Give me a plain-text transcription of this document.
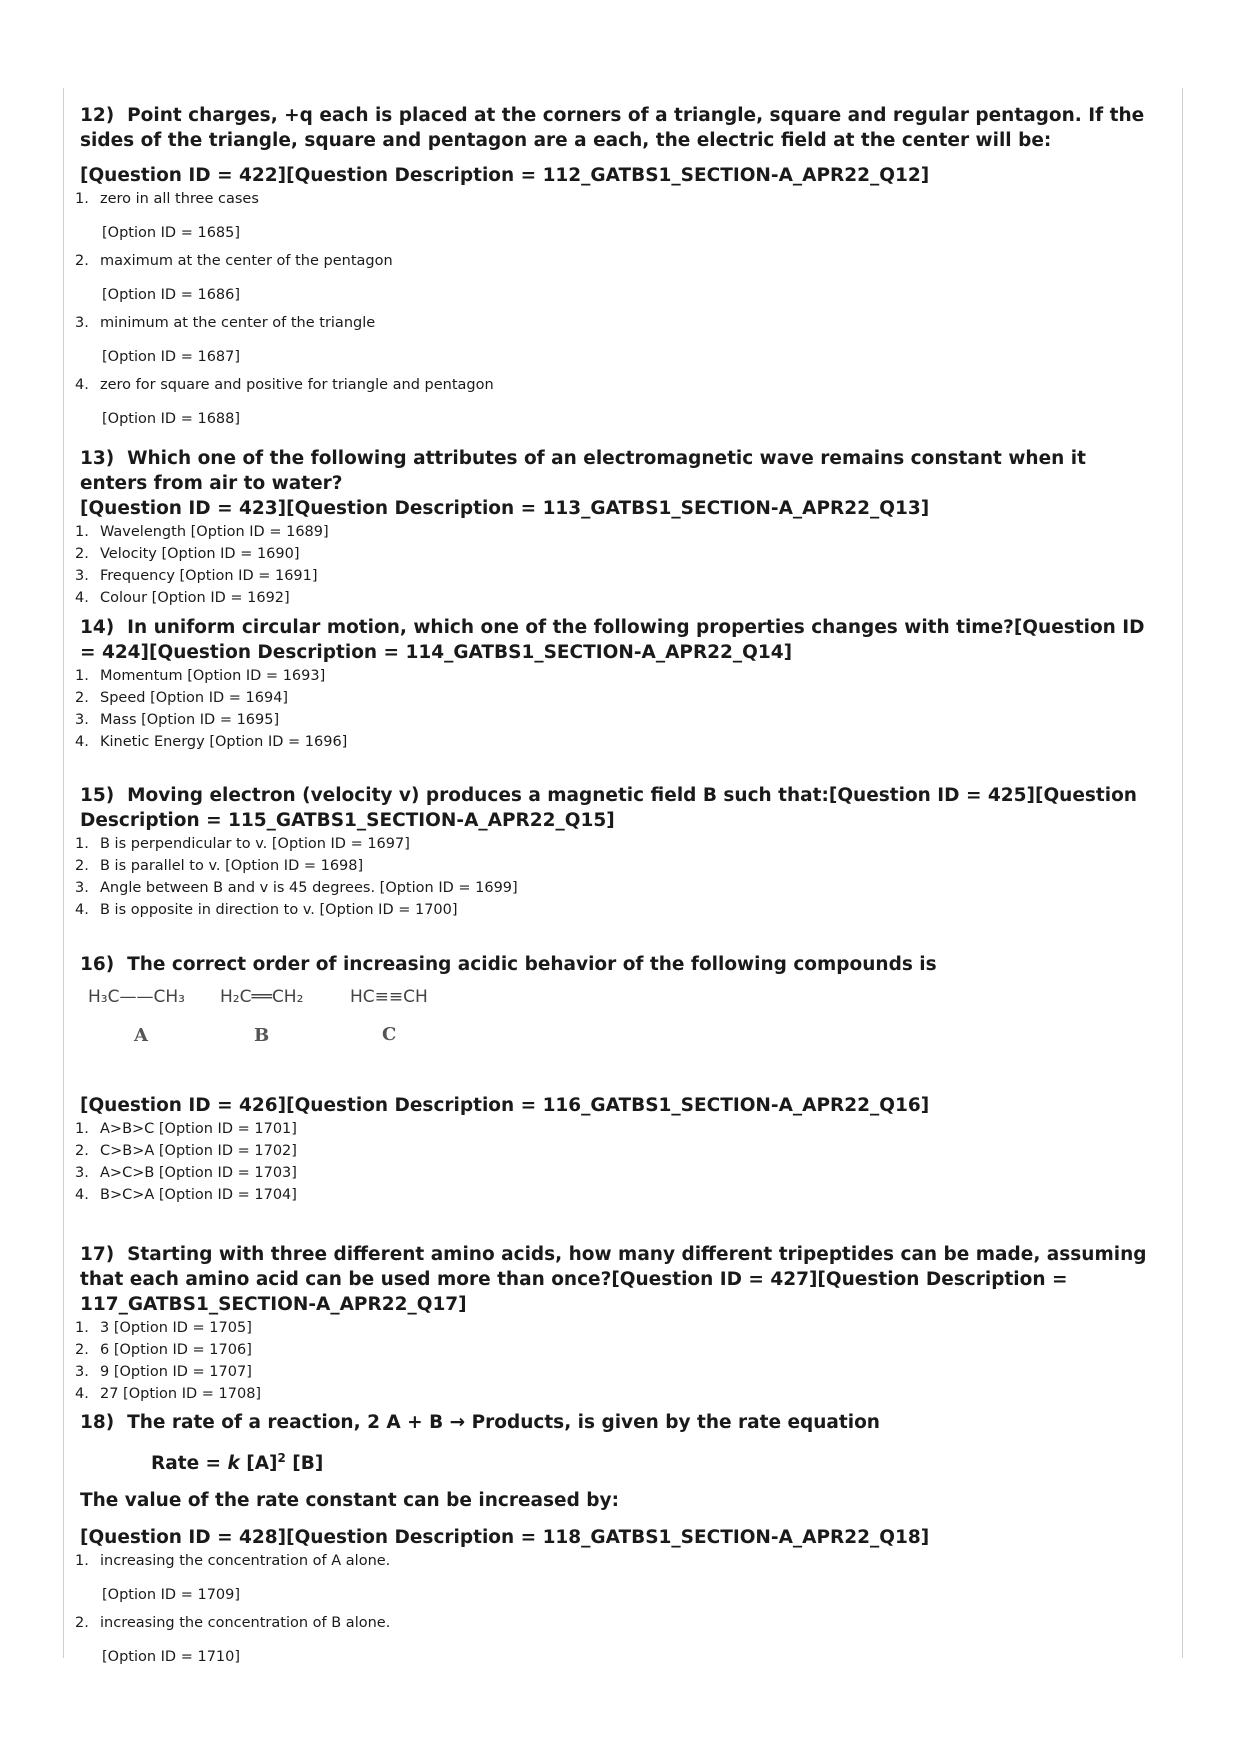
12)  Point charges, +q each is placed at the corners of a triangle, square and regular pentagon. If the sides of the triangle, square and pentagon are a each, the electric field at the center will be:

[Question ID = 422][Question Description = 112_GATBS1_SECTION-A_APR22_Q12]

1. zero in all three cases
[Option ID = 1685]
2. maximum at the center of the pentagon
[Option ID = 1686]
3. minimum at the center of the triangle
[Option ID = 1687]
4. zero for square and positive for triangle and pentagon
[Option ID = 1688]

13)  Which one of the following attributes of an electromagnetic wave remains constant when it enters from air to water?

[Question ID = 423][Question Description = 113_GATBS1_SECTION-A_APR22_Q13]

1. Wavelength [Option ID = 1689]
2. Velocity [Option ID = 1690]
3. Frequency [Option ID = 1691]
4. Colour [Option ID = 1692]

14)  In uniform circular motion, which one of the following properties changes with time?[Question ID = 424][Question Description = 114_GATBS1_SECTION-A_APR22_Q14]

1. Momentum [Option ID = 1693]
2. Speed [Option ID = 1694]
3. Mass [Option ID = 1695]
4. Kinetic Energy [Option ID = 1696]

15)  Moving electron (velocity v) produces a magnetic field B such that:[Question ID = 425][Question Description = 115_GATBS1_SECTION-A_APR22_Q15]

1. B is perpendicular to v. [Option ID = 1697]
2. B is parallel to v. [Option ID = 1698]
3. Angle between B and v is 45 degrees. [Option ID = 1699]
4. B is opposite in direction to v. [Option ID = 1700]

16)  The correct order of increasing acidic behavior of the following compounds is

H₃C——CH₃ H₂C══CH₂	HC≡≡CH
A	B	C

[Question ID = 426][Question Description = 116_GATBS1_SECTION-A_APR22_Q16]

1. A>B>C [Option ID = 1701]
2. C>B>A [Option ID = 1702]
3. A>C>B [Option ID = 1703]
4. B>C>A [Option ID = 1704]

17)  Starting with three different amino acids, how many different tripeptides can be made, assuming that each amino acid can be used more than once?[Question ID = 427][Question Description = 117_GATBS1_SECTION-A_APR22_Q17]

1. 3 [Option ID = 1705]
2. 6 [Option ID = 1706]
3. 9 [Option ID = 1707]
4. 27 [Option ID = 1708]

18)  The rate of a reaction, 2 A + B → Products, is given by the rate equation

Rate = k $[A]^2$ [B]

The value of the rate constant can be increased by:

[Question ID = 428][Question Description = 118_GATBS1_SECTION-A_APR22_Q18]

1. increasing the concentration of A alone.
[Option ID = 1709]
2. increasing the concentration of B alone.
[Option ID = 1710]
